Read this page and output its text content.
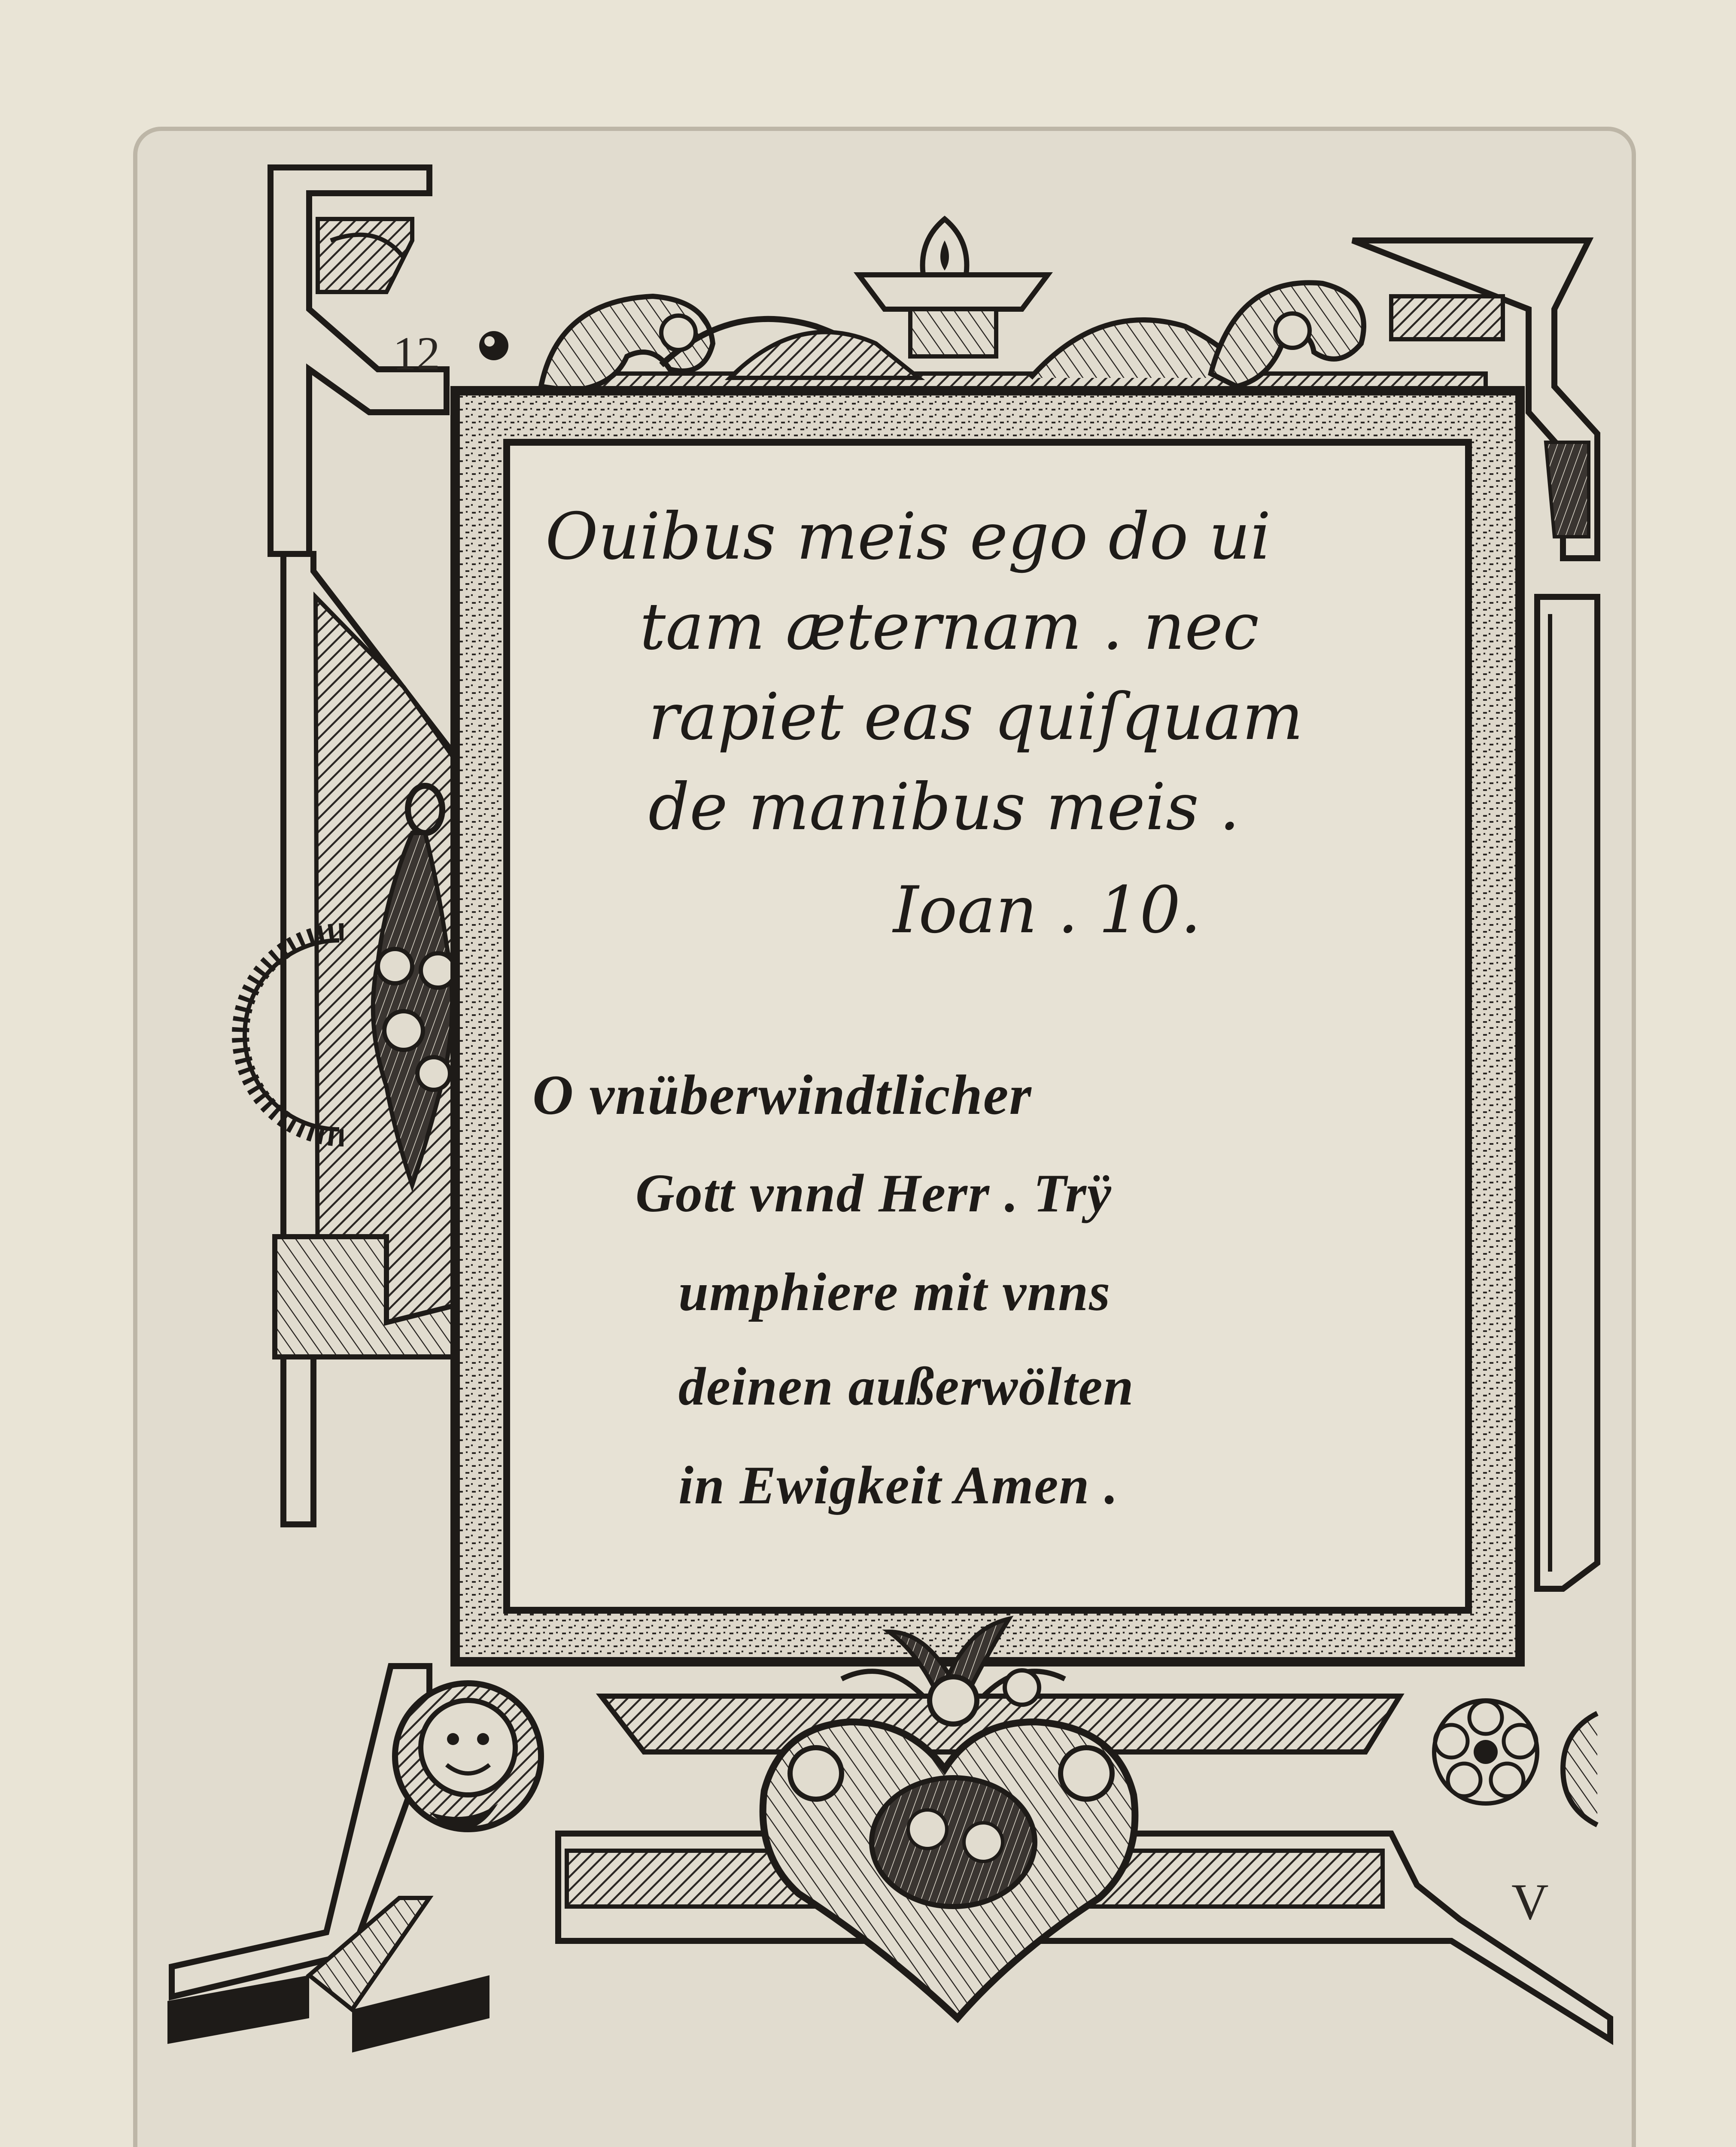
12
Ouibus meis ego do ui
tam æternam . nec
rapiet eas quiſquam
de manibus meis .
Ioan . 10.
O vnüberwindtlicher
Gott vnnd Herr . Trÿ
umphiere mit vnns
deinen außerwölten
in Ewigkeit Amen .
V
